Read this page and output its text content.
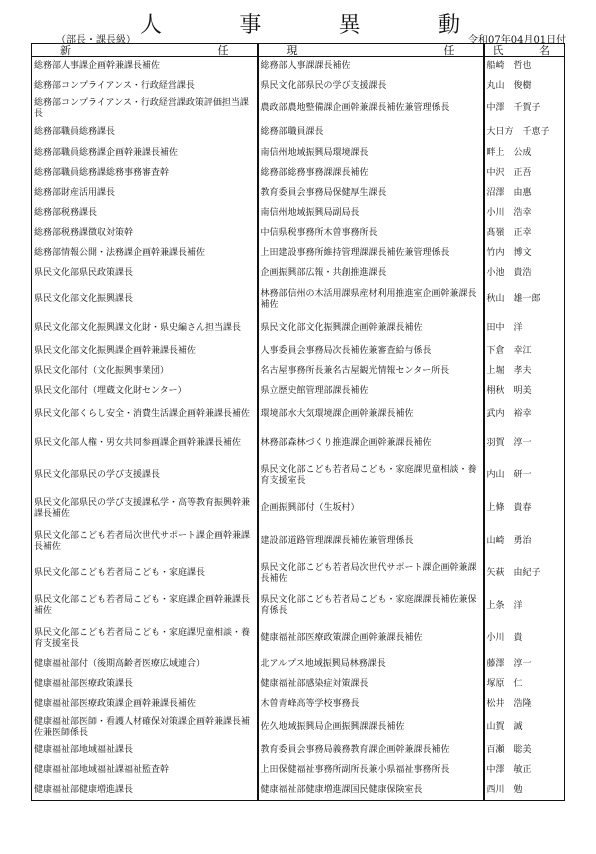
人	事	異	動
（部長・課長級）	令和07年04月01日付
新 任	現 任	氏 名

総務部人事課企画幹兼課長補佐	総務部人事課課長補佐	船崎　哲也
総務部コンプライアンス・行政経営課長	県民文化部県民の学び支援課長	丸山　俊樹
総務部コンプライアンス・行政経営課政策評価担当課長	農政部農地整備課企画幹兼課長補佐兼管理係長	中澤　千賀子
総務部職員総務課長	総務部職員課長	大日方　千恵子
総務部職員総務課企画幹兼課長補佐	南信州地域振興局環境課長	畔上　公成
総務部職員総務課総務事務審査幹	総務部総務事務課課長補佐	中沢　正吾
総務部財産活用課長	教育委員会事務局保健厚生課長	沼澤　由惠
総務部税務課長	南信州地域振興局副局長	小川　浩幸
総務部税務課徴収対策幹	中信県税事務所木曽事務所長	髙嶺　正幸
総務部情報公開・法務課企画幹兼課長補佐	上田建設事務所維持管理課課長補佐兼管理係長	竹内　博文
県民文化部県民政策課長	企画振興部広報・共創推進課長	小池　貴浩
県民文化部文化振興課長	林務部信州の木活用課県産材利用推進室企画幹兼課長補佐	秋山　雄一郎
県民文化部文化振興課文化財・県史編さん担当課長	県民文化部文化振興課企画幹兼課長補佐	田中　洋
県民文化部文化振興課企画幹兼課長補佐	人事委員会事務局次長補佐兼審査給与係長	下倉　幸江
県民文化部付（文化振興事業団）	名古屋事務所長兼名古屋観光情報センター所長	上堀　孝夫
県民文化部付（埋蔵文化財センター）	県立歴史館管理部課長補佐	栩秋　明美
県民文化部くらし安全・消費生活課企画幹兼課長補佐	環境部水大気環境課企画幹兼課長補佐	武内　裕幸
県民文化部人権・男女共同参画課企画幹兼課長補佐	林務部森林づくり推進課企画幹兼課長補佐	羽賀　淳一
県民文化部県民の学び支援課長	県民文化部こども若者局こども・家庭課児童相談・養育支援室長	内山　研一
県民文化部県民の学び支援課私学・高等教育振興幹兼課長補佐	企画振興部付（生坂村）	上條　貴春
県民文化部こども若者局次世代サポート課企画幹兼課長補佐	建設部道路管理課課長補佐兼管理係長	山崎　勇治
県民文化部こども若者局こども・家庭課長	県民文化部こども若者局次世代サポート課企画幹兼課長補佐	矢萩　由紀子
県民文化部こども若者局こども・家庭課企画幹兼課長補佐	県民文化部こども若者局こども・家庭課課長補佐兼保育係長	上条　洋
県民文化部こども若者局こども・家庭課児童相談・養育支援室長	健康福祉部医療政策課企画幹兼課長補佐	小川　貴
健康福祉部付（後期高齢者医療広域連合）	北アルプス地域振興局林務課長	藤澤　淳一
健康福祉部医療政策課長	健康福祉部感染症対策課長	塚原　仁
健康福祉部医療政策課企画幹兼課長補佐	木曽青峰高等学校事務長	松井　浩隆
健康福祉部医師・看護人材確保対策課企画幹兼課長補佐兼医師係長	佐久地域振興局企画振興課課長補佐	山賀　誠
健康福祉部地域福祉課長	教育委員会事務局義務教育課企画幹兼課長補佐	百瀬　聡美
健康福祉部地域福祉課福祉監査幹	上田保健福祉事務所副所長兼小県福祉事務所長	中澤　敏正
健康福祉部健康増進課長	健康福祉部健康増進課国民健康保険室長	西川　勉
